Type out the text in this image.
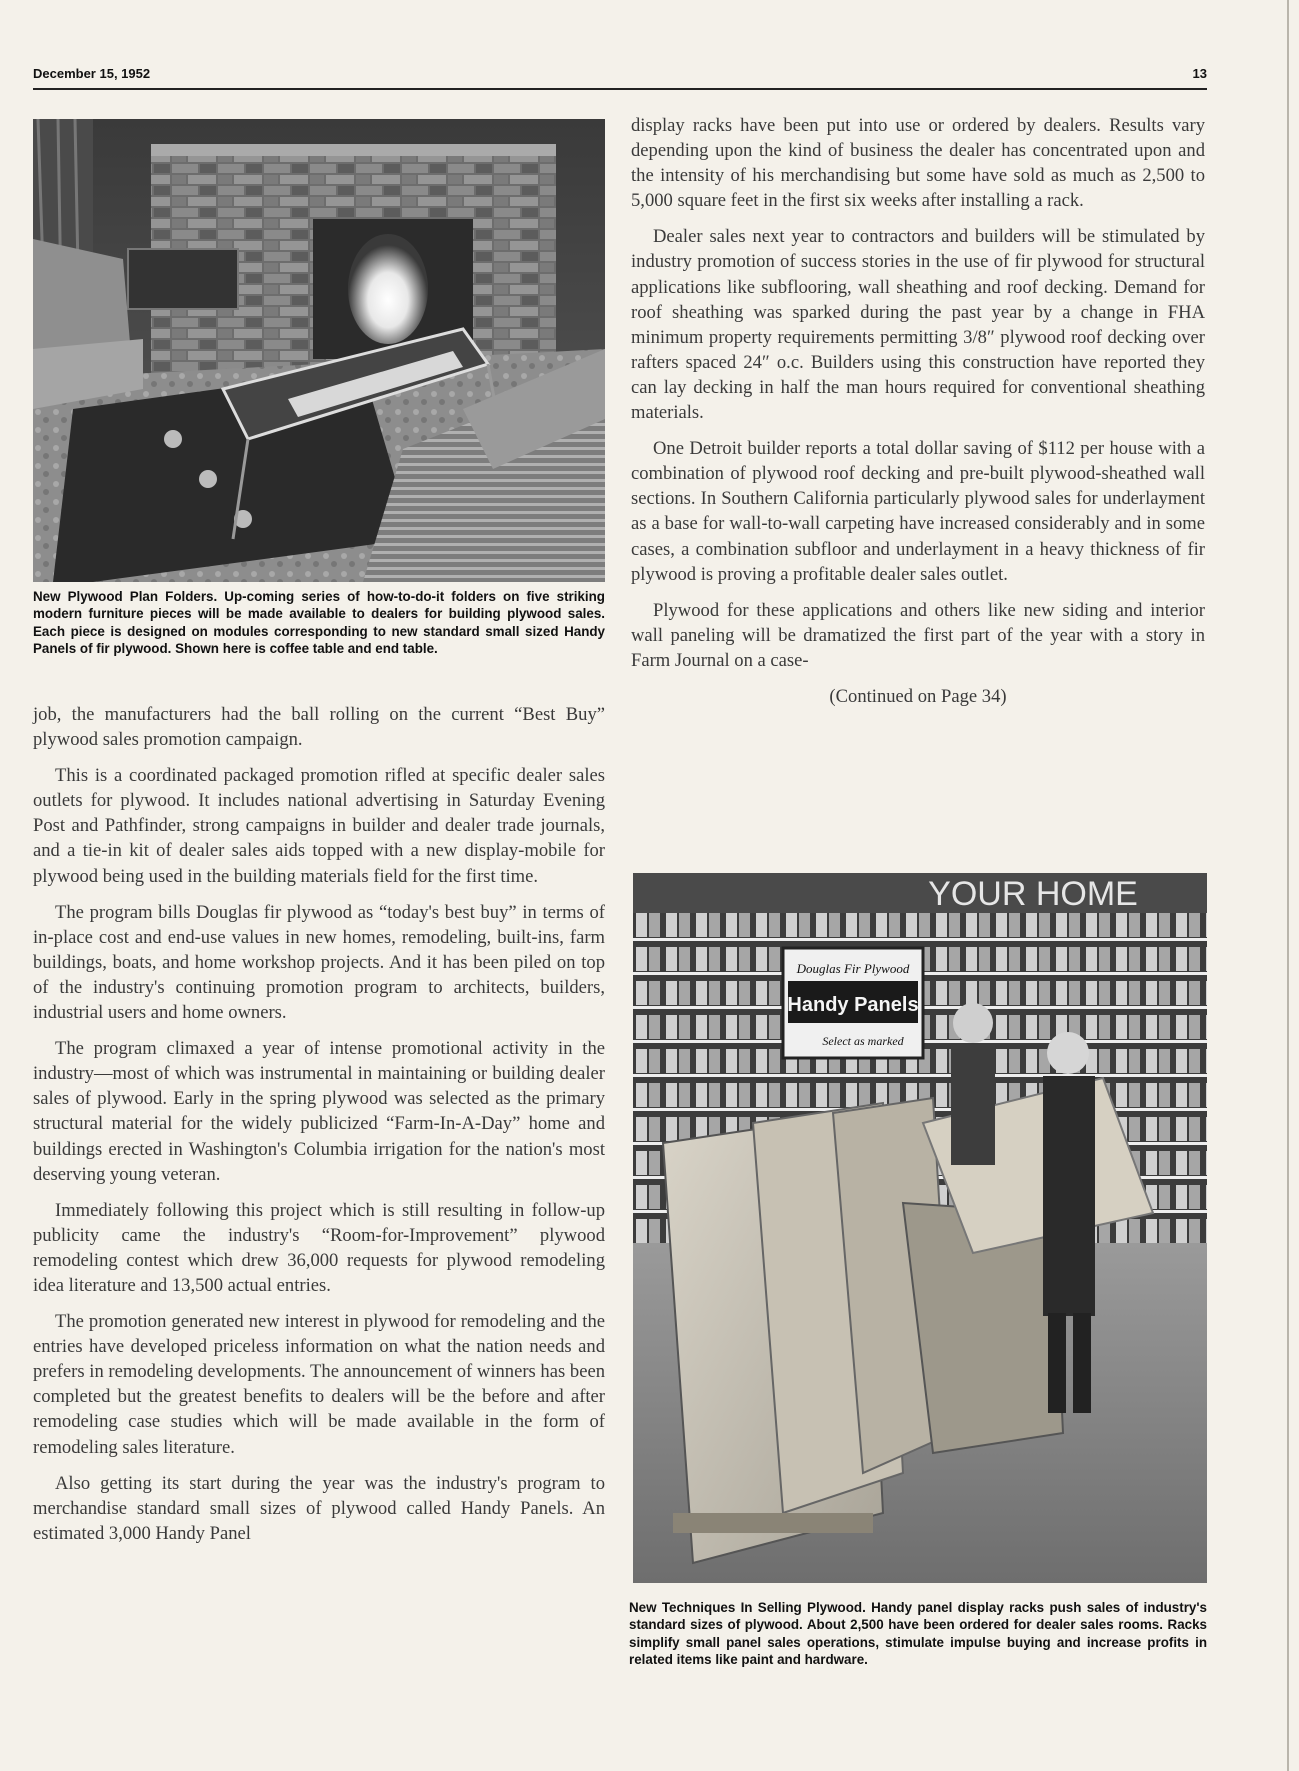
December 15, 1952	13
New Plywood Plan Folders. Up-coming series of how-to-do-it folders on five striking modern furniture pieces will be made available to dealers for building plywood sales. Each piece is designed on modules corresponding to new standard small sized Handy Panels of fir plywood. Shown here is coffee table and end table.

job, the manufacturers had the ball rolling on the current “Best Buy” plywood sales promotion campaign.

This is a coordinated packaged promotion rifled at specific dealer sales outlets for plywood. It includes national advertising in Saturday Evening Post and Pathfinder, strong campaigns in builder and dealer trade journals, and a tie-in kit of dealer sales aids topped with a new display-mobile for plywood being used in the building materials field for the first time.

The program bills Douglas fir plywood as “today's best buy” in terms of in-place cost and end-use values in new homes, remodeling, built-ins, farm buildings, boats, and home workshop projects. And it has been piled on top of the industry's continuing promotion program to architects, builders, industrial users and home owners.

The program climaxed a year of intense promotional activity in the industry—most of which was instrumental in maintaining or building dealer sales of plywood. Early in the spring plywood was selected as the primary structural material for the widely publicized “Farm-In-A-Day” home and buildings erected in Washington's Columbia irrigation for the nation's most deserving young veteran.

Immediately following this project which is still resulting in follow-up publicity came the industry's “Room-for-Improvement” plywood remodeling contest which drew 36,000 requests for plywood remodeling idea literature and 13,500 actual entries.

The promotion generated new interest in plywood for remodeling and the entries have developed priceless information on what the nation needs and prefers in remodeling developments. The announcement of winners has been completed but the greatest benefits to dealers will be the before and after remodeling case studies which will be made available in the form of remodeling sales literature.

Also getting its start during the year was the industry's program to merchandise standard small sizes of plywood called Handy Panels. An estimated 3,000 Handy Panel

display racks have been put into use or ordered by dealers. Results vary depending upon the kind of business the dealer has concentrated upon and the intensity of his merchandising but some have sold as much as 2,500 to 5,000 square feet in the first six weeks after installing a rack.

Dealer sales next year to contractors and builders will be stimulated by industry promotion of success stories in the use of fir plywood for structural applications like subflooring, wall sheathing and roof decking. Demand for roof sheathing was sparked during the past year by a change in FHA minimum property requirements permitting 3/8″ plywood roof decking over rafters spaced 24″ o.c. Builders using this construction have reported they can lay decking in half the man hours required for conventional sheathing materials.

One Detroit builder reports a total dollar saving of $112 per house with a combination of plywood roof decking and pre-built plywood-sheathed wall sections. In Southern California particularly plywood sales for underlayment as a base for wall-to-wall carpeting have increased considerably and in some cases, a combination subfloor and underlayment in a heavy thickness of fir plywood is proving a profitable dealer sales outlet.

Plywood for these applications and others like new siding and interior wall paneling will be dramatized the first part of the year with a story in Farm Journal on a case-

(Continued on Page 34)

YOUR HOME
Douglas Fir Plywood
Handy Panels
Select as marked
New Techniques In Selling Plywood. Handy panel display racks push sales of industry's standard sizes of plywood. About 2,500 have been ordered for dealer sales rooms. Racks simplify small panel sales operations, stimulate impulse buying and increase profits in related items like paint and hardware.
